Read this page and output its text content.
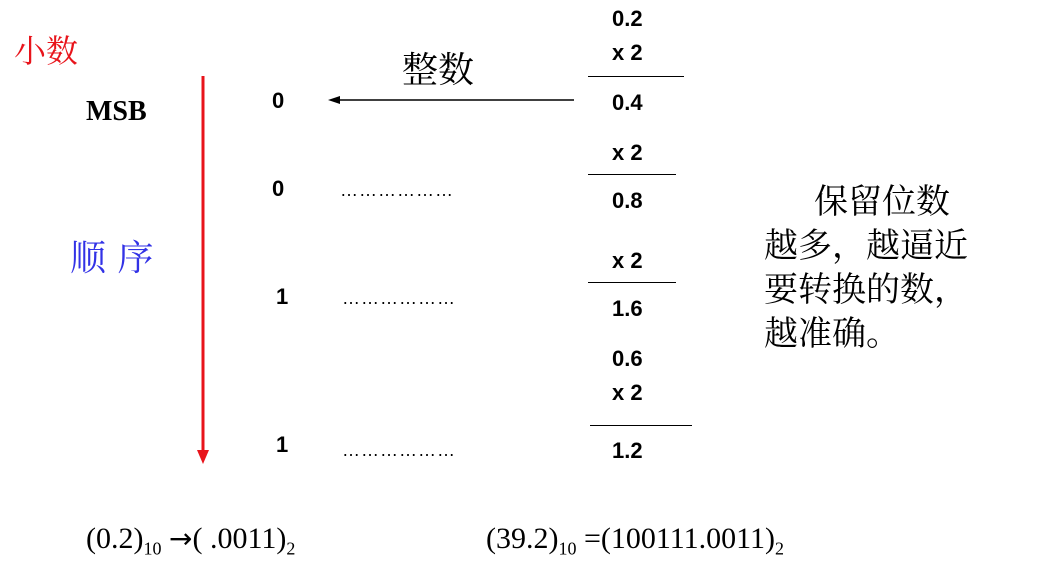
小数	整数
MSB
顺 序
0
0
1
1
………………
………………
………………
0.2
x 2
0.4
x 2
0.8
x 2
1.6
0.6
x 2
1.2
保留位数
越多，越逼近
要转换的数，
越准确。
$(0.2)_{10}$ →( $.0011)_2$	$(39.2)_{10} =(100111.0011)_2$
